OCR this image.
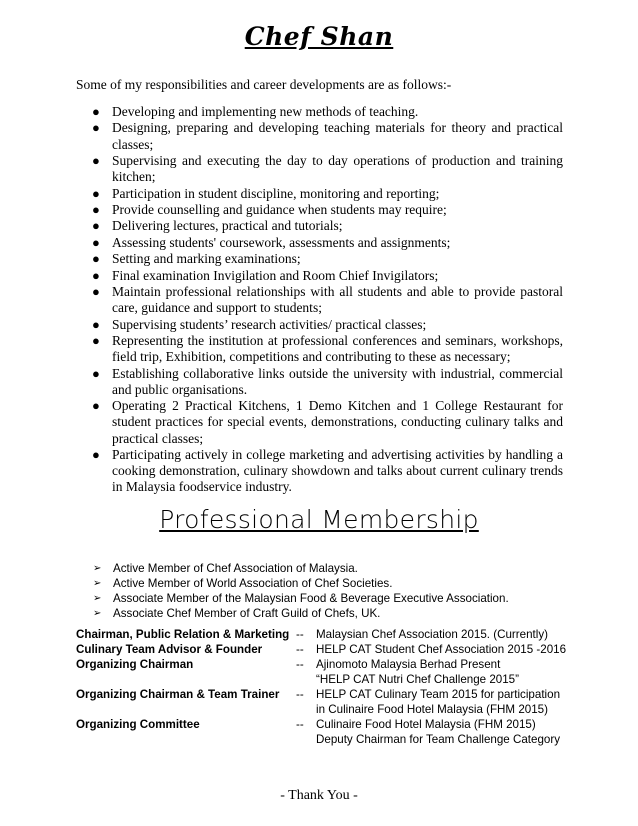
Chef Shan
Some of my responsibilities and career developments are as follows:-
● Developing and implementing new methods of teaching.
● Designing, preparing and developing teaching materials for theory and practical classes;
● Supervising and executing the day to day operations of production and training kitchen;
● Participation in student discipline, monitoring and reporting;
● Provide counselling and guidance when students may require;
● Delivering lectures, practical and tutorials;
● Assessing students' coursework, assessments and assignments;
● Setting and marking examinations;
● Final examination Invigilation and Room Chief Invigilators;
● Maintain professional relationships with all students and able to provide pastoral care, guidance and support to students;
● Supervising students’ research activities/ practical classes;
● Representing the institution at professional conferences and seminars, workshops, field trip, Exhibition, competitions and contributing to these as necessary;
● Establishing collaborative links outside the university with industrial, commercial and public organisations.
● Operating 2 Practical Kitchens, 1 Demo Kitchen and 1 College Restaurant for student practices for special events, demonstrations, conducting culinary talks and practical classes;
● Participating actively in college marketing and advertising activities by handling a cooking demonstration, culinary showdown and talks about current culinary trends in Malaysia foodservice industry.
Professional Membership
➢ Active Member of Chef Association of Malaysia.
➢ Active Member of World Association of Chef Societies.
➢ Associate Member of the Malaysian Food & Beverage Executive Association.
➢ Associate Chef Member of Craft Guild of Chefs, UK.
Chairman, Public Relation & Marketing --	Malaysian Chef Association 2015. (Currently)
Culinary Team Advisor & Founder	--	HELP CAT Student Chef Association 2015 -2016
Organizing Chairman	--	Ajinomoto Malaysia Berhad Present
“HELP CAT Nutri Chef Challenge 2015”
Organizing Chairman & Team Trainer	--	HELP CAT Culinary Team 2015 for participation
in Culinaire Food Hotel Malaysia (FHM 2015)
Organizing Committee	--	Culinaire Food Hotel Malaysia (FHM 2015)
Deputy Chairman for Team Challenge Category
- Thank You -
